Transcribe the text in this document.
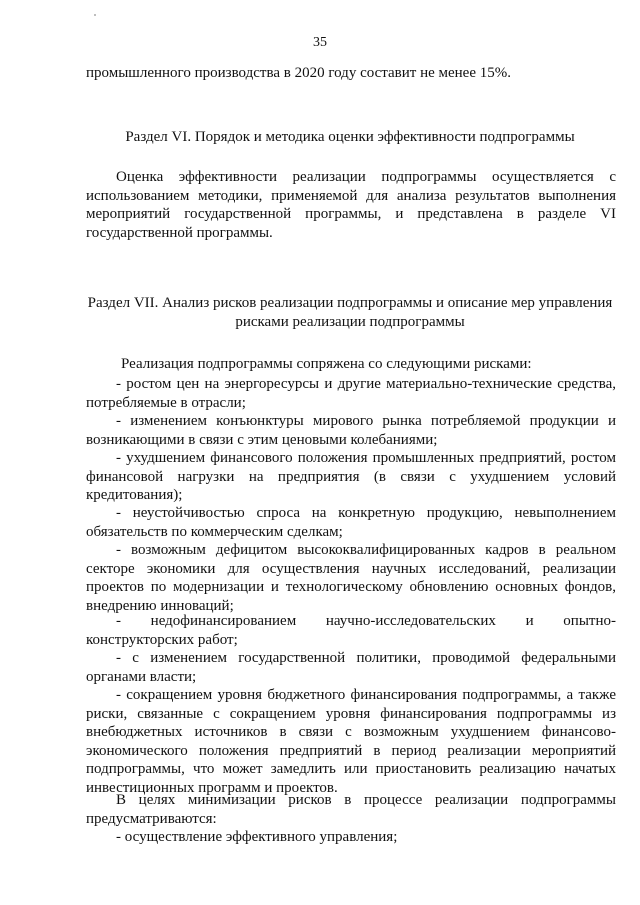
35
промышленного производства в 2020 году составит не менее 15%.
Раздел VI. Порядок и методика оценки эффективности подпрограммы
Оценка эффективности реализации подпрограммы осуществляется с использованием методики, применяемой для анализа результатов выполнения мероприятий государственной программы, и представлена в разделе VI государственной программы.
Раздел VII. Анализ рисков реализации подпрограммы и описание мер управления
рисками реализации подпрограммы
Реализация подпрограммы сопряжена со следующими рисками:
- ростом цен на энергоресурсы и другие материально-технические средства, потребляемые в отрасли;
- изменением конъюнктуры мирового рынка потребляемой продукции и возникающими в связи с этим ценовыми колебаниями;
- ухудшением финансового положения промышленных предприятий, ростом финансовой нагрузки на предприятия (в связи с ухудшением условий кредитования);
- неустойчивостью спроса на конкретную продукцию, невыполнением обязательств по коммерческим сделкам;
- возможным дефицитом высококвалифицированных кадров в реальном секторе экономики для осуществления научных исследований, реализации проектов по модернизации и технологическому обновлению основных фондов, внедрению инноваций;
- недофинансированием научно-исследовательских и опытно-конструкторских работ;
- с изменением государственной политики, проводимой федеральными органами власти;
- сокращением уровня бюджетного финансирования подпрограммы, а также риски, связанные с сокращением уровня финансирования подпрограммы из внебюджетных источников в связи с возможным ухудшением финансово-экономического положения предприятий в период реализации мероприятий подпрограммы, что может замедлить или приостановить реализацию начатых инвестиционных программ и проектов.
В целях минимизации рисков в процессе реализации подпрограммы предусматриваются:
- осуществление эффективного управления;
